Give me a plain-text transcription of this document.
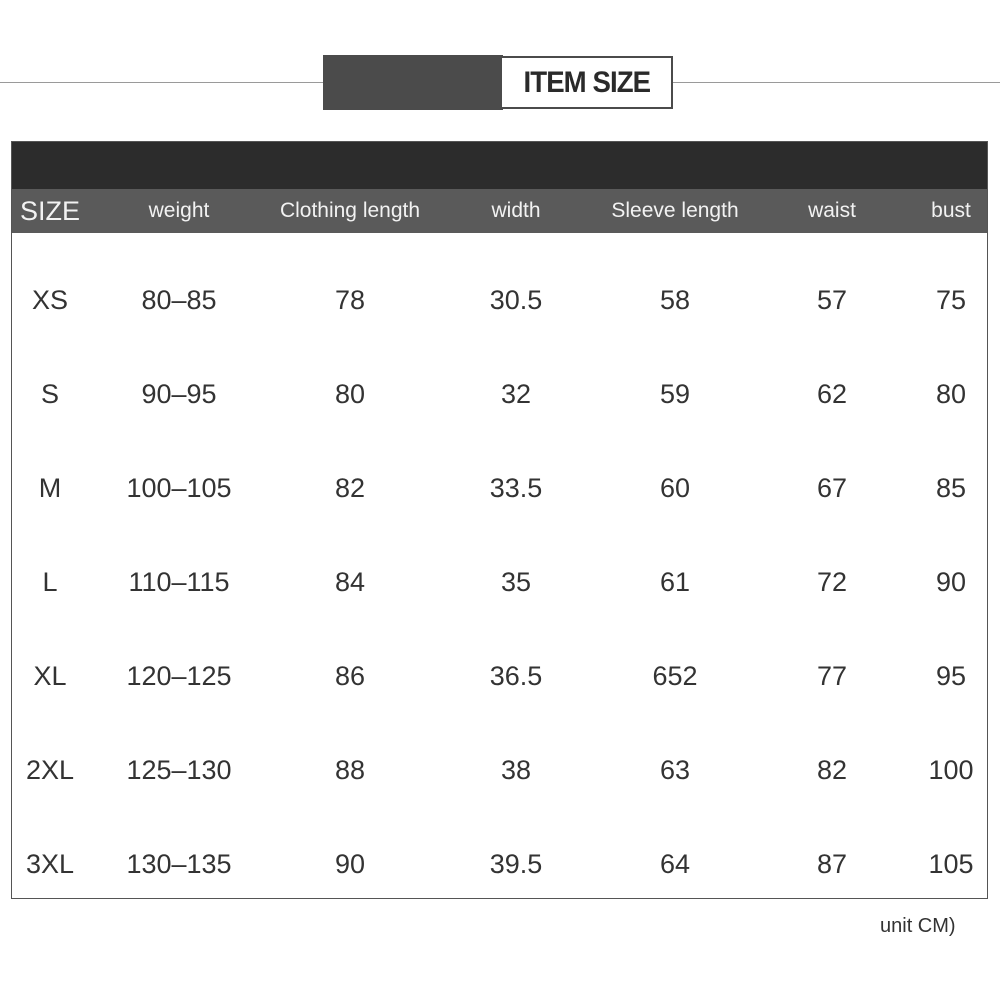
ITEM SIZE
SIZE	weight	Clothing length	width	Sleeve length	waist	bust
XS	80–85	78	30.5	58	57	75
S	90–95	80	32	59	62	80
M	100–105	82	33.5	60	67	85
L	110–115	84	35	61	72	90
XL	120–125	86	36.5	652	77	95
2XL	125–130	88	38	63	82	100
3XL	130–135	90	39.5	64	87	105
unit CM)
